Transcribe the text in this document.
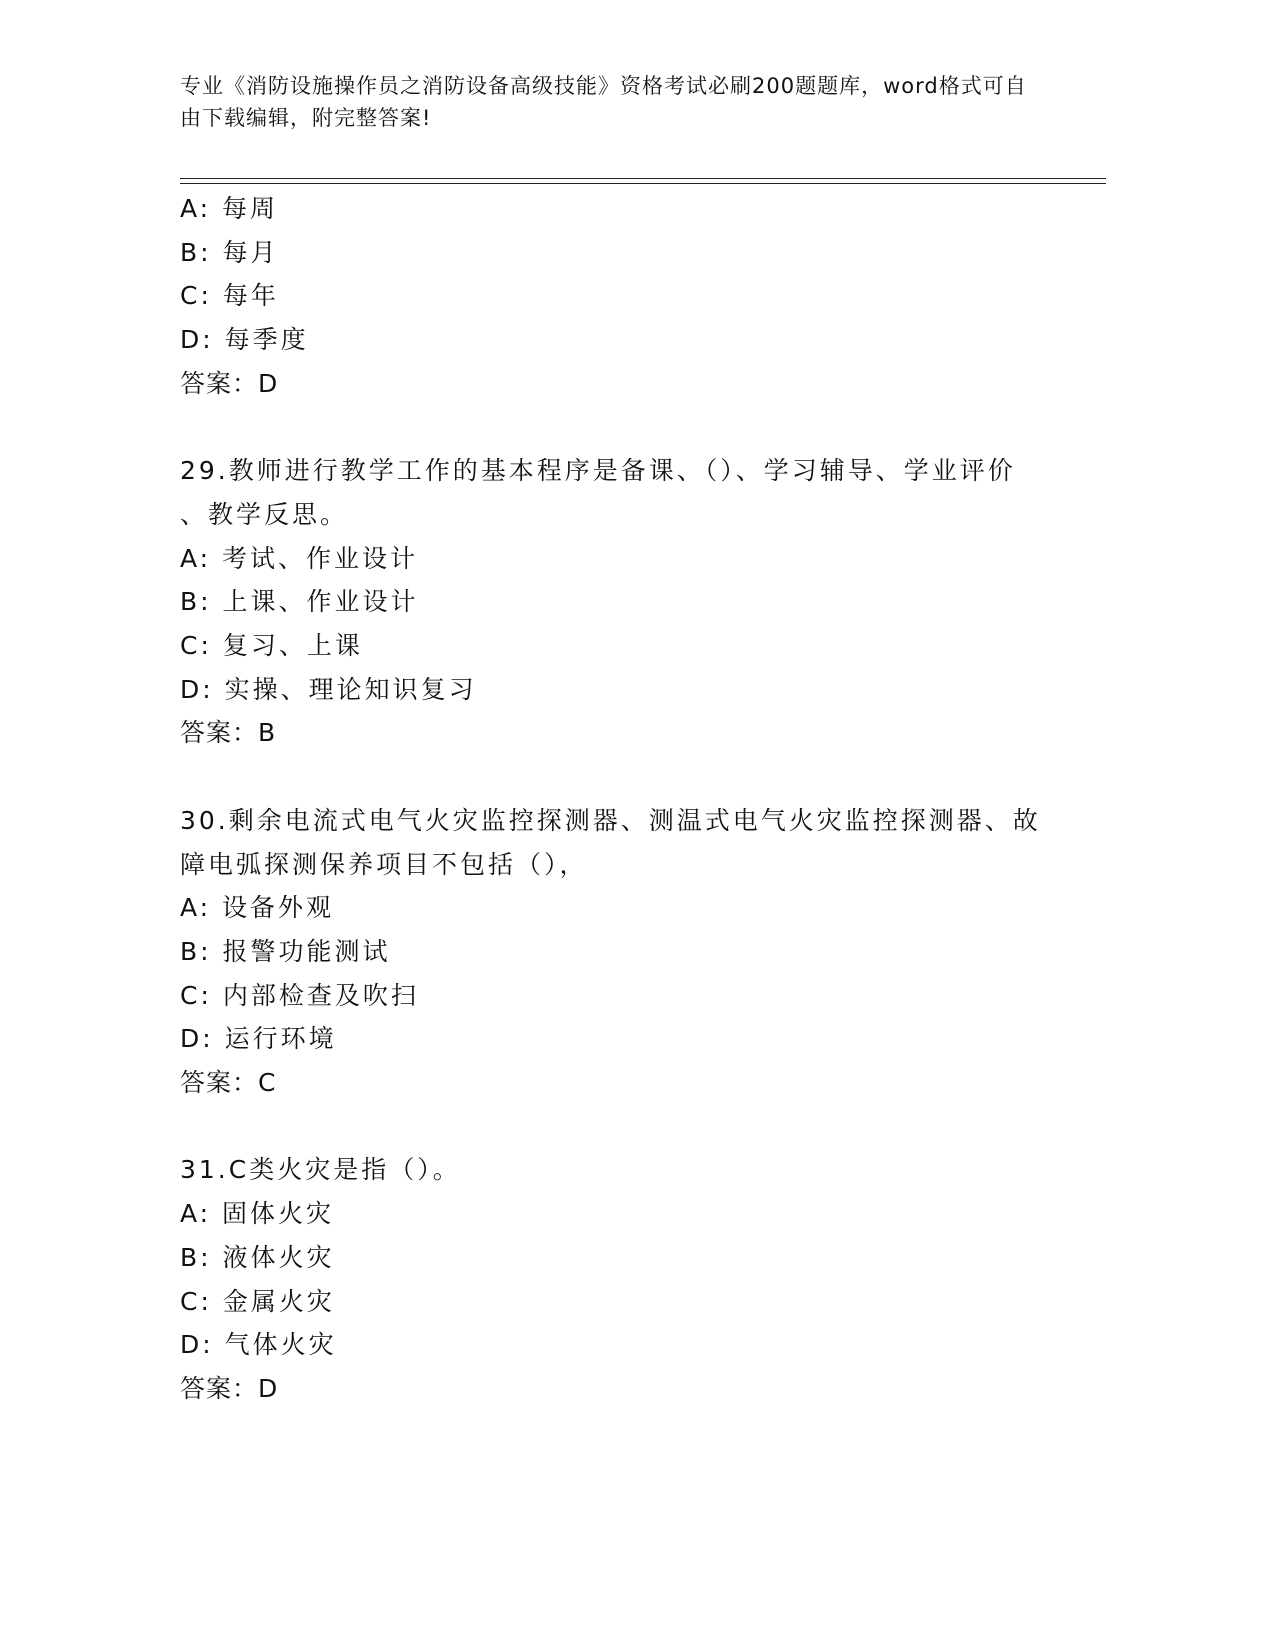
专业《消防设施操作员之消防设备高级技能》资格考试必刷200题题库，word格式可自由下载编辑，附完整答案!
A: 每周
B: 每月
C: 每年
D: 每季度
答案：D
29.教师进行教学工作的基本程序是备课、（）、学习辅导、学业评价
、教学反思。
A: 考试、作业设计
B: 上课、作业设计
C: 复习、上课
D: 实操、理论知识复习
答案：B
30.剩余电流式电气火灾监控探测器、测温式电气火灾监控探测器、故
障电弧探测保养项目不包括（），
A: 设备外观
B: 报警功能测试
C: 内部检查及吹扫
D: 运行环境
答案：C
31.C类火灾是指（）。
A: 固体火灾
B: 液体火灾
C: 金属火灾
D: 气体火灾
答案：D
